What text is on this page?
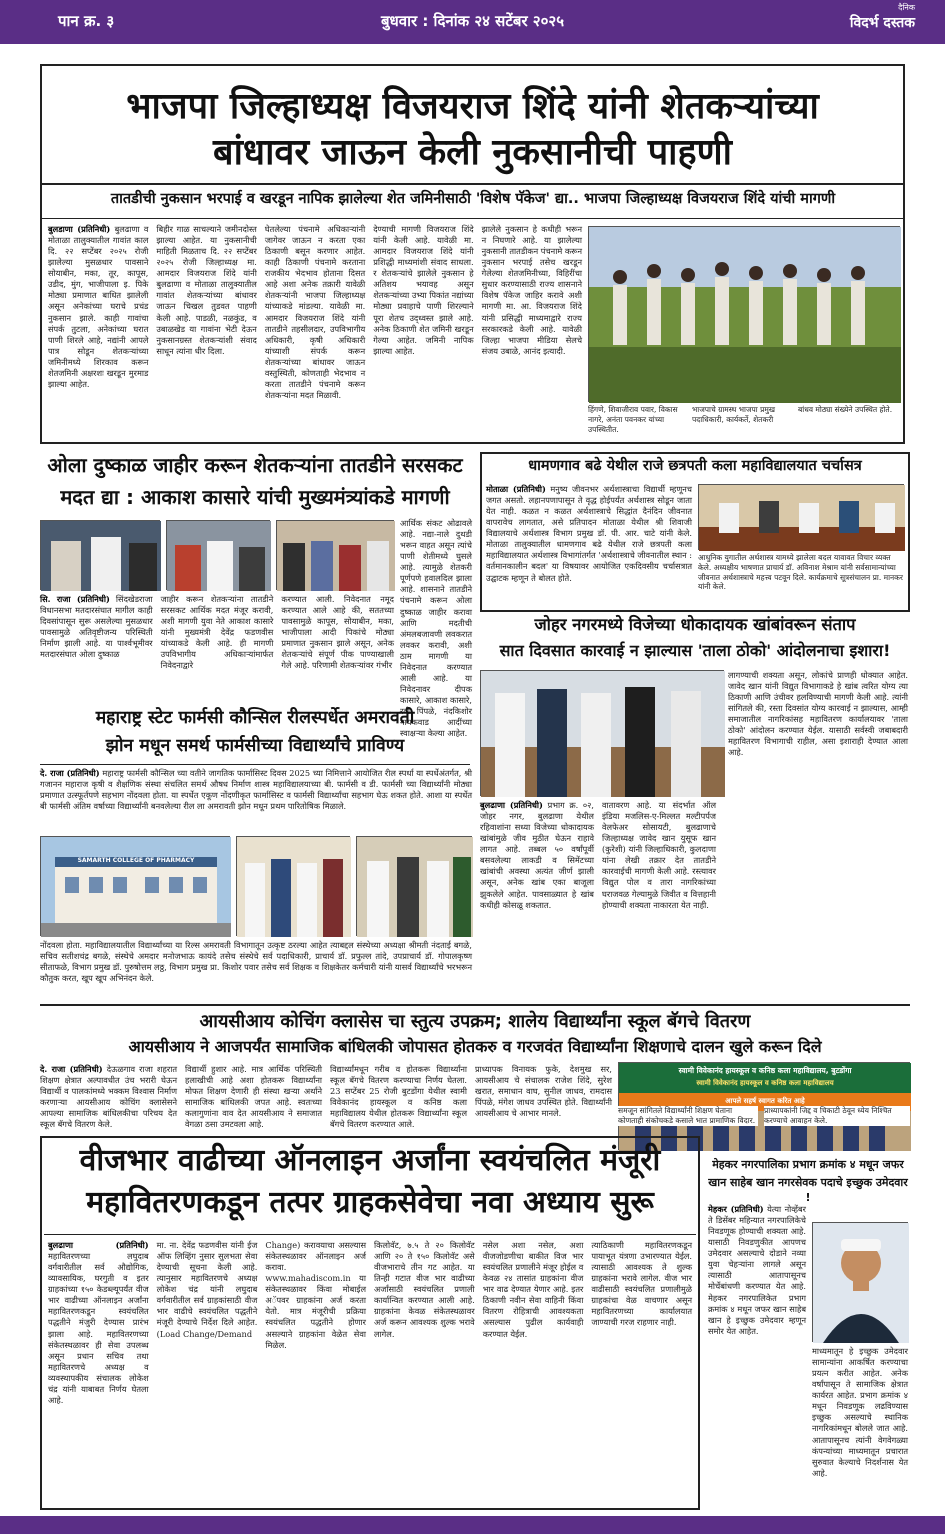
पान क्र. ३	बुधवार : दिनांक २४ सटेंबर २०२५
दैनिक
विदर्भ दस्तक
भाजपा जिल्हाध्यक्ष विजयराज शिंदे यांनी शेतकऱ्यांच्या
बांधावर जाऊन केली नुकसानीची पाहणी
तातडीची नुकसान भरपाई व खरडून नापिक झालेल्या शेत जमिनीसाठी 'विशेष पॅकेज' द्या.. भाजपा जिल्हाध्यक्ष विजयराज शिंदे यांची मागणी
बुलडाणा (प्रतिनिधी) बुलढाणा व मोताळा तालुक्यातील गावांत काल दि. २२ सप्टेंबर २०२५ रोजी झालेल्या मुसळधार पावसाने सोयाबीन, मका, तूर, कापूस, उडीद, मुंग, भाजीपाला इ. पिके मोठ्या प्रमाणात बाधित झालेली असून अनेकांच्या घराचे प्रचंड नुकसान झाले. काही गावांचा संपर्क तुटला, अनेकांच्या घरात पाणी शिरले आहे, नद्यांनी आपले पात्र सोडून शेतकऱ्यांच्या जमिनीमध्ये शिरकाव करून शेतजमिनी अक्षरशः खरडून मुरमाड झाल्या आहेत.
बिहीर गाळ साचल्याने जमीनदोस्त झाल्या आहेत. या नुकसानीची माहिती मिळताच दि. २२ सप्टेंबर २०२५ रोजी जिल्हाध्यक्ष मा. आमदार विजयराज शिंदे यांनी बुलढाणा व मोताळा तालुक्यातील गावांत शेतकऱ्यांच्या बांधावर जाऊन चिखल तुडवत पाहणी केली आहे. पाडळी, नळकुंड, व उबाळखेड या गावांना भेटी देऊन नुकसानग्रस्त शेतकऱ्यांशी संवाद साधून त्यांना धीर दिला.
घेतलेल्या पंचनामे अधिकाऱ्यांनी जागेवर जाऊन न करता एका ठिकाणी बसून करणार आहेत. काही ठिकाणी पंचनामे करताना राजकीय भेदभाव होताना दिसत आहे अशा अनेक तक्रारी यावेळी शेतकऱ्यांनी भाजपा जिल्हाध्यक्ष यांच्याकडे मांडल्या. यावेळी मा. आमदार विजयराज शिंदे यांनी तातडीने तहसीलदार, उपविभागीय अधिकारी, कृषी अधिकारी यांच्याशी संपर्क करून शेतकऱ्यांच्या बांधावर जाऊन वस्तुस्थिती, कोणताही भेदभाव न करता तातडीने पंचनामे करून शेतकऱ्यांना मदत मिळावी.
देण्याची मागणी विजयराज शिंदे यांनी केली आहे. यावेळी मा. आमदार विजयराज शिंदे यांनी प्रशिद्धी माध्यमांशी संवाद साधला. र शेतकऱ्यांचे झालेले नुकसान हे अतिशय भयावह असून शेतकऱ्यांच्या उभ्या पिकांत नद्यांच्या मोठ्या प्रवाहाचे पाणी शिरल्याने पूरा शेतच उद्ध्वस्त झाले आहे. अनेक ठिकाणी शेत जमिनी खरडून गेल्या आहेत. जमिनी नापिक झाल्या आहेत.
झालेले नुकसान हे कधीही भरून न निघणारे आहे. या झालेल्या नुकसानी तातडीकन पंचनामे करून नुकसान भरपाई तसेच खरडून गेलेल्या शेतजमिनीच्या, विहिरींचा सुधार करण्यासाठी राज्य शासनाने विशेष पॅकेज जाहिर करावे अशी मागणी मा. आ. विजयराज शिंदे यांनी प्रसिद्धी माध्यमाद्वारे राज्य सरकारकडे केली आहे. यावेळी जिल्हा भाजपा मीडिया सेलचे संजय उबाळे, आनंद इत्यादी.
हिंगणे, शिवाजीराव पवार, विकास नागरे, अनंता पवनकर यांच्या उपस्थितीत.
भाजपाचे ग्रामस्थ भाजपा प्रमुख पदाधिकारी, कार्यकर्ते, शेतकरी
बांधव मोठ्या संख्येने उपस्थित होते.
ओला दुष्काळ जाहीर करून शेतकऱ्यांना तातडीने सरसकट
मदत द्या : आकाश कासारे यांची मुख्यमंत्र्यांकडे मागणी
सि. राजा (प्रतिनिधी) सिंदखेडराजा विधानसभा मतदारसंघात मागील काही दिवसांपासून सुरू असलेल्या मुसळधार पावसामुळे अतिवृष्टीजन्य परिस्थिती निर्माण झाली आहे. या पार्श्वभूमीवर मतदारसंघात ओला दुष्काळ
जाहीर करून शेतकऱ्यांना तातडीने सरसकट आर्थिक मदत मंजूर करावी, अशी मागणी युवा नेते आकाश कासारे यांनी मुख्यमंत्री देवेंद्र फडणवीस यांच्याकडे केली आहे. ही मागणी उपविभागीय अधिकाऱ्यांमार्फत निवेदनाद्वारे
करण्यात आली. निवेदनात नमूद करण्यात आले आहे की, सततच्या पावसामुळे कापूस, सोयाबीन, मका, भाजीपाला आदी पिकांचे मोठ्या प्रमाणात नुकसान झाले असून, अनेक शेतकऱ्यांचे संपूर्ण पीक पाण्याखाली गेले आहे. परिणामी शेतकऱ्यांवर गंभीर
आर्थिक संकट ओढावले आहे. नद्या-नाले दुथडी भरून वाहत असून त्यांचे पाणी शेतीमध्ये घुसले आहे. त्यामुळे शेतकरी पूर्णपणे हवालदिल झाला आहे. शासनाने तातडीने पंचनामे करून ओला दुष्काळ जाहीर करावा आणि मदतीची अंमलबजावणी लवकरात लवकर करावी, अशी ठाम मागणी या निवेदनात करण्यात आली आहे. या निवेदनावर दीपक कासारे, आकाश कासारे, रवी पिंपळे, नंदकिशोर गायकवाड आदींच्या स्वाक्षऱ्या केल्या आहेत.
धामणगाव बढे येथील राजे छत्रपती कला महाविद्यालयात चर्चासत्र
मोताळा (प्रतिनिधी) मनुष्य जीवनभर अर्थशास्त्राचा विद्यार्थी म्हणूनच जगत असतो. लहानपणापासून ते वृद्ध होईपर्यंत अर्थशास्त्र सोडून जाता येत नाही. कळत न कळत अर्थशास्त्राचे सिद्धांत दैनंदिन जीवनात वापरावेच लागतात, असे प्रतिपादन मोताळा येथील श्री शिवाजी विद्यालयाचे अर्थशास्त्र विभाग प्रमुख डॉ. पी. आर. चाटे यांनी केले. मोताळा तालुक्यातील धामणगाव बढे येथील राजे छत्रपती कला महाविद्यालयात अर्थशास्त्र विभागांतर्गत 'अर्थशास्त्राचे जीवनातील स्थान : वर्तमानकालीन बदल' या विषयावर आयोजित एकदिवसीय चर्चासत्रात उद्घाटक म्हणून ते बोलत होते.
आधुनिक युगातील अर्थशास्त्र यामध्ये झालेला बदल यावावत विचार व्यक्त केले. अध्यक्षीय भाषणात प्राचार्य डॉ. अविनाश मेश्राम यांनी सर्वसामान्यांच्या जीवनात अर्थशास्त्राचे महत्त्व पटवून दिले. कार्यक्रमाचे सूत्रसंचालन प्रा. मानकर यांनी केले.
जोहर नगरमध्ये विजेच्या धोकादायक खांबांवरून संताप
सात दिवसात कारवाई न झाल्यास 'ताला ठोको' आंदोलनाचा इशारा!
बुलढाणा (प्रतिनिधी) प्रभाग क्र. ०२, जोहर नगर, बुलढाणा येथील रहिवाशांना सध्या विजेच्या धोकादायक खांबांमुळे जीव मुठीत घेऊन राहावे लागत आहे. तब्बल ५० वर्षांपूर्वी बसवलेल्या लाकडी व सिमेंटच्या खांबांची अवस्था अत्यंत जीर्ण झाली असून, अनेक खांब एका बाजूला झुकलेले आहेत. पावसाळ्यात हे खांब कधीही कोसळू शकतात.
वातावरण आहे. या संदर्भात ऑल इंडिया मजलिस-ए-मिल्लत मल्टीपर्पज वेलफेअर सोसायटी, बुलढाणाचे जिल्हाध्यक्ष जावेद खान युसूफ खान (कुरेशी) यांनी जिल्हाधिकारी, कुलदाणा यांना लेखी तक्रार देत तातडीने कारवाईची मागणी केली आहे. रस्त्यावर विद्युत पोल व तारा नागरिकांच्या घराजवळ गेल्यामुळे जिवीत व वित्तहानी होण्याची शक्यता नाकारता येत नाही.
लागण्याची शक्यता असून, लोकांचे प्राणही धोक्यात आहेत. जावेद खान यांनी विद्युत विभागाकडे हे खांब त्वरित योग्य त्या ठिकाणी आणि उंचीवर हलविण्याची मागणी केली आहे. त्यांनी सांगितले की, रस्ता दिवसांत योग्य कारवाई न झाल्यास, आम्ही समाजातील नागरिकांसह महावितरण कार्यालयावर 'ताला ठोको' आंदोलन करण्यात येईल. यासाठी सर्वस्वी जबाबदारी महावितरण विभागाची राहील, असा इशाराही देण्यात आला आहे.
महाराष्ट्र स्टेट फार्मसी कौन्सिल रीलस्पर्धेत अमरावती
झोन मधून समर्थ फार्मसीच्या विद्यार्थ्यांचे प्राविण्य
दे. राजा (प्रतिनिधी) महाराष्ट्र फार्मसी कौन्सिल च्या वतीने जागतिक फार्मासिस्ट दिवस 2025 च्या निमित्ताने आयोजित रील स्पर्धा या स्पर्धेअंतर्गत, श्री गजानन महाराज कृषी व शैक्षणिक संस्था संचलित समर्थ औषध निर्माण शास्त्र महाविद्यालयाच्या बी. फार्मसी व डी. फार्मसी च्या विद्यार्थ्यांनी मोठ्या प्रमाणात उत्स्फूर्तपणे सहभाग नोंदवला होता. या स्पर्धेत एकूण नोंदणीकृत फार्मासिस्ट व फार्मसी विद्यार्थ्यांचा सहभाग घेऊ शकत होते. आशा या स्पर्धेत बी फार्मसी अंतिम वर्षाच्या विद्यार्थ्यांनी बनवलेल्या रील ला अमरावती झोन मधून प्रथम पारितोषिक मिळाले.
SAMARTH COLLEGE OF PHARMACY
नोंदवला होता. महाविद्यालयातील विद्यार्थ्यांच्या या रिल्स अमरावती विभागातून उत्कृष्ट ठरल्या आहेत त्याबद्दल संस्थेच्या अध्यक्षा श्रीमती नंदताई बगळे, सचिव सतीशचंद्र बगळे, संस्थेचे अमदार मनोजभाऊ कायंदे तसेच संस्थेचे सर्व पदाधिकारी, प्राचार्य डॉ. प्रफुल्ल तांदे, उपप्राचार्य डॉ. गोपालकृष्ण सीताफळे, विभाग प्रमुख डॉ. पुरुषोत्तम लठ्ठ, विभाग प्रमुख प्रा. किशोर पवार तसेच सर्व शिक्षक व शिक्षकेतर कर्मचारी यांनी यासर्व विद्यार्थ्यांचे भरभरून कौतुक करत, खूप खूप अभिनंदन केले.
आयसीआय कोचिंग क्लासेस चा स्तुत्य उपक्रम; शालेय विद्यार्थ्यांना स्कूल बॅगचे वितरण
आयसीआय ने आजपर्यंत सामाजिक बांधिलकी जोपासत होतकरु व गरजवंत विद्यार्थ्यांना शिक्षणाचे दालन खुले करून दिले
दे. राजा (प्रतिनिधी) देऊळगाव राजा शहरात शिक्षण क्षेत्रात अल्पावधीत उंच भरारी घेऊन विद्यार्थी व पालकांमध्ये भक्कम विश्वास निर्माण करणाऱ्या आयसीआय कोचिंग क्लासेसने आपल्या सामाजिक बांधिलकीचा परिचय देत स्कूल बॅगचे वितरण केले.
विद्यार्थी हुशार आहे. मात्र आर्थिक परिस्थिती हलाखीची आहे अशा होतकरू विद्यार्थ्यांना मोफत शिक्षण देणारी ही संस्था खऱ्या अर्थाने सामाजिक बांधिलकी जपत आहे. स्वतःच्या कलागुणांना वाव देत आयसीआय ने समाजात वेगळा ठसा उमटवला आहे.
विद्यार्थ्यांमधून गरीब व होतकरू विद्यार्थ्यांना स्कूल बॅगचे वितरण करण्याचा निर्णय घेतला. 23 सप्टेंबर 25 रोजी बुटडोंगा येथील स्वामी विवेकानंद हायस्कूल व कनिष्ठ कला महाविद्यालय येथील होतकरू विद्यार्थ्यांना स्कूल बॅगचे वितरण करण्यात आले.
प्राध्यापक विनायक फुके, देशमुख सर, आयसीआय चे संचालक राजेश शिंदे, सुरेश खरात, समाधान वाघ, सुनील जाधव, रामदास पिंपळे, मंगेश जाधव उपस्थित होते. विद्यार्थ्यांनी आयसीआय चे आभार मानले.
स्वामी विवेकानंद हायस्कूल व कनिष्ठ कला महाविद्यालय, बुटडोंगा
स्वामी विवेकानंद हायस्कूल व कनिष्ठ कला महाविद्यालय
आपले सहर्ष स्वागत करित आहे
समजून सांगितले विद्यार्थ्यांनी शिक्षण घेताना कोणताही संकोचकडे कसाले भात प्रामाणिक विदार.
प्राध्यापकांनी जिद्द व चिकाटी ठेवून ध्येय निश्चित करण्याचे आवाहन केले.
वीजभार वाढीच्या ऑनलाइन अर्जांना स्वयंचलित मंजूरी
महावितरणकडून तत्पर ग्राहकसेवेचा नवा अध्याय सुरू
बुलढाणा (प्रतिनिधी) महावितरणच्या लघुदाब वर्गवारीतील सर्व औद्योगिक, व्यावसायिक, घरगुती व इतर ग्राहकांच्या १५० केडब्ल्यूपर्यंत वीज भार वाढीच्या ऑनलाइन अर्जांना महावितरणकडून स्वयंचलित पद्धतीने मंजुरी देण्यास प्रारंभ झाला आहे. महावितरणच्या संकेतस्थळावर ही सेवा उपलब्ध असून प्रधान सचिव तथा महावितरणचे अध्यक्ष व व्यवस्थापकीय संचालक लोकेश चंद्र यांनी याबाबत निर्णय घेतला आहे.
मा. ना. देवेंद्र फडणवीस यांनी ईज ऑफ लिव्हिंग नुसार सुलभता सेवा देण्याची सूचना केली आहे. त्यानुसार महावितरणचे अध्यक्ष लोकेश चंद्र यांनी लघुदाब वर्गवारीतील सर्व ग्राहकांसाठी वीज भार वाढीचे स्वयंचलित पद्धतीने मंजूरी देण्याचे निर्देश दिले आहेत. (Load Change/Demand
Change) करावयाचा असल्यास संकेतस्थळावर ऑनलाइन अर्ज करावा. www.mahadiscom.in या संकेतस्थळावर किंवा मोबाईल अॅपवर ग्राहकांना अर्ज करता येतो. मात्र मंजूरीची प्रक्रिया स्वयंचलित पद्धतीने होणार असल्याने ग्राहकांना वेळेत सेवा मिळेल.
किलोवॅट, ७.५ ते २० किलोवॅट आणि २० ते १५० किलोवॅट असे वीजभाराचे तीन गट आहेत. या तिन्ही गटात वीज भार वाढीच्या अर्जांसाठी स्वयंचलित प्रणाली कार्यान्वित करण्यात आली आहे. ग्राहकांना केवळ संकेतस्थळावर अर्ज करून आवश्यक शुल्क भरावे लागेल.
नसेल अशा नसेल, अशा वीजजोडणीचा बाकीत विज भार स्वयंचलित प्रणालीने मंजूर होईल व केवळ २४ तासांत ग्राहकांना वीज भार वाढ देण्यात येणार आहे. इतर ठिकाणी नवीन सेवा वाहिनी किंवा वितरण रोहित्राची आवश्यकता असल्यास पुढील कार्यवाही करण्यात येईल.
त्याठिकाणी महावितरणकडून पायाभूत यंत्रणा उभारण्यात येईल. त्यासाठी आवश्यक ते शुल्क ग्राहकांना भरावे लागेल. वीज भार वाढीसाठी स्वयंचलित प्रणालीमुळे ग्राहकांचा वेळ वाचणार असून महावितरणच्या कार्यालयात जाण्याची गरज राहणार नाही.
मेहकर नगरपालिका प्रभाग क्रमांक ४ मधून जफर
खान साहेब खान नगरसेवक पदाचे इच्छुक उमेदवार !
मेहकर (प्रतिनिधी) येत्या नोव्हेंबर ते डिसेंबर महिन्यात नगरपालिकेचे निवडणूक होण्याची शक्यता आहे. यासाठी निवडणुकीत आपणच उमेदवार असल्याचे दोडाने नव्या युवा चेहऱ्यांना लागले असून त्यासाठी आतापासूनच मोर्चेबांधणी करण्यात येत आहे. मेहकर नगरपालिकेत प्रभाग क्रमांक ४ मधून जफर खान साहेब खान हे इच्छुक उमेदवार म्हणून समोर येत आहेत.
माध्यमातून हे इच्छुक उमेदवार सामान्यांना आकर्षित करण्याचा प्रयत्न करीत आहेत. अनेक वर्षांपासून ते सामाजिक क्षेत्रात कार्यरत आहेत. प्रभाग क्रमांक ४ मधून निवडणूक लढविण्यास इच्छुक असल्याचे स्थानिक नागरिकांमधून बोलले जात आहे. आतापासूनच त्यांनी वेगवेगळ्या कंपन्यांच्या माध्यमातून प्रचारात सुरुवात केल्याचे निदर्शनास येत आहे.
